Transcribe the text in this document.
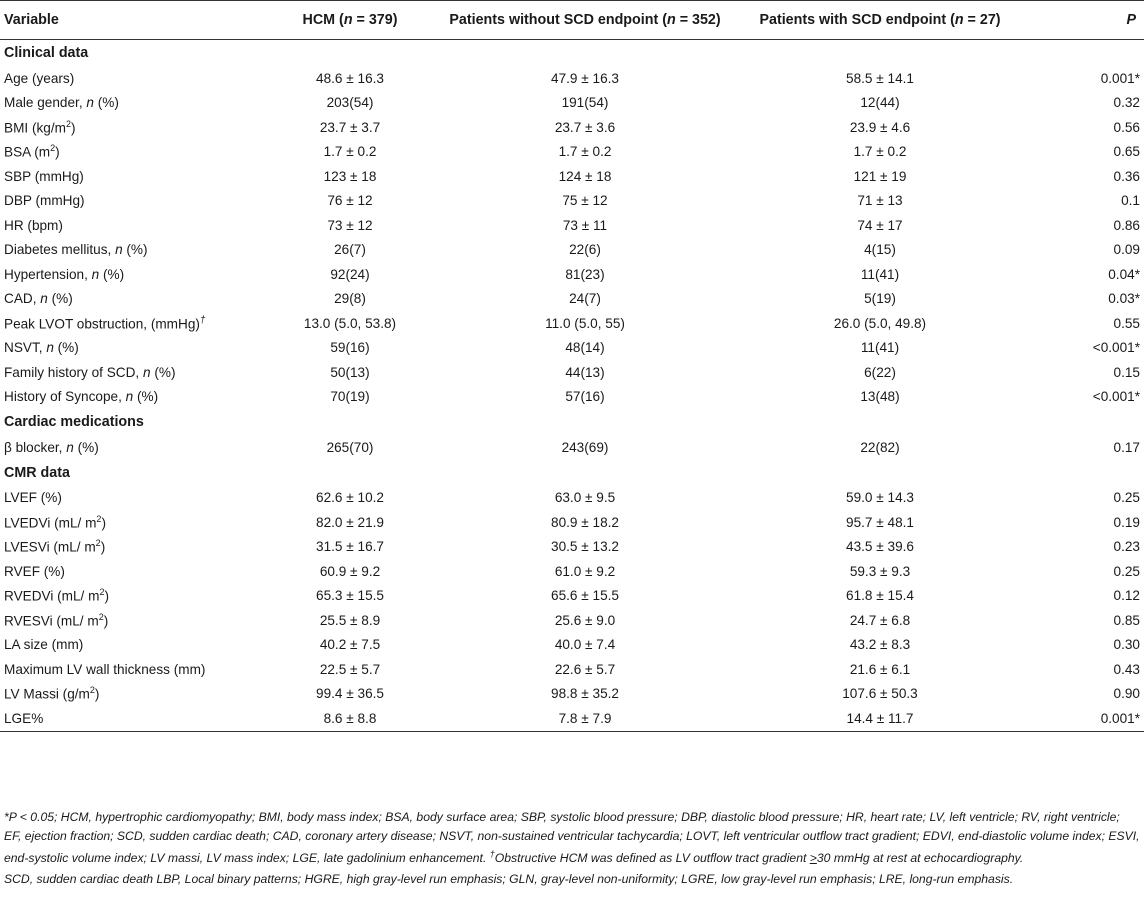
Variable	HCM (n = 379)	Patients without SCD endpoint (n = 352)	Patients with SCD endpoint (n = 27)	P
Clinical data				
Age (years)	48.6 ± 16.3	47.9 ± 16.3	58.5 ± 14.1	0.001*
Male gender, n (%)	203(54)	191(54)	12(44)	0.32
BMI $(kg/m^2)$	23.7 ± 3.7	23.7 ± 3.6	23.9 ± 4.6	0.56
BSA $(m^2)$	1.7 ± 0.2	1.7 ± 0.2	1.7 ± 0.2	0.65
SBP (mmHg)	123 ± 18	124 ± 18	121 ± 19	0.36
DBP (mmHg)	76 ± 12	75 ± 12	71 ± 13	0.1
HR (bpm)	73 ± 12	73 ± 11	74 ± 17	0.86
Diabetes mellitus, n (%)	26(7)	22(6)	4(15)	0.09
Hypertension, n (%)	92(24)	81(23)	11(41)	0.04*
CAD, n (%)	29(8)	24(7)	5(19)	0.03*
Peak LVOT obstruction, (mmHg)†	13.0 (5.0, 53.8)	11.0 (5.0, 55)	26.0 (5.0, 49.8)	0.55
NSVT, n (%)	59(16)	48(14)	11(41)	<0.001*
Family history of SCD, n (%)	50(13)	44(13)	6(22)	0.15
History of Syncope, n (%)	70(19)	57(16)	13(48)	<0.001*
Cardiac medications				
β blocker, n (%)	265(70)	243(69)	22(82)	0.17
CMR data				
LVEF (%)	62.6 ± 10.2	63.0 ± 9.5	59.0 ± 14.3	0.25
LVEDVi (mL/ $m^2$)	82.0 ± 21.9	80.9 ± 18.2	95.7 ± 48.1	0.19
LVESVi (mL/ $m^2$)	31.5 ± 16.7	30.5 ± 13.2	43.5 ± 39.6	0.23
RVEF (%)	60.9 ± 9.2	61.0 ± 9.2	59.3 ± 9.3	0.25
RVEDVi (mL/ $m^2$)	65.3 ± 15.5	65.6 ± 15.5	61.8 ± 15.4	0.12
RVESVi (mL/ $m^2$)	25.5 ± 8.9	25.6 ± 9.0	24.7 ± 6.8	0.85
LA size (mm)	40.2 ± 7.5	40.0 ± 7.4	43.2 ± 8.3	0.30
Maximum LV wall thickness (mm)	22.5 ± 5.7	22.6 ± 5.7	21.6 ± 6.1	0.43
LV Massi $(g/m^2)$	99.4 ± 36.5	98.8 ± 35.2	107.6 ± 50.3	0.90
LGE%	8.6 ± 8.8	7.8 ± 7.9	14.4 ± 11.7	0.001*

*P < 0.05; HCM, hypertrophic cardiomyopathy; BMI, body mass index; BSA, body surface area; SBP, systolic blood pressure; DBP, diastolic blood pressure; HR, heart rate; LV, left ventricle; RV, right ventricle; EF, ejection fraction; SCD, sudden cardiac death; CAD, coronary artery disease; NSVT, non-sustained ventricular tachycardia; LOVT, left ventricular outflow tract gradient; EDVI, end-diastolic volume index; ESVI, end-systolic volume index; LV massi, LV mass index; LGE, late gadolinium enhancement. †Obstructive HCM was defined as LV outflow tract gradient >30 mmHg at rest at echocardiography.

SCD, sudden cardiac death LBP, Local binary patterns; HGRE, high gray-level run emphasis; GLN, gray-level non-uniformity; LGRE, low gray-level run emphasis; LRE, long-run emphasis.
